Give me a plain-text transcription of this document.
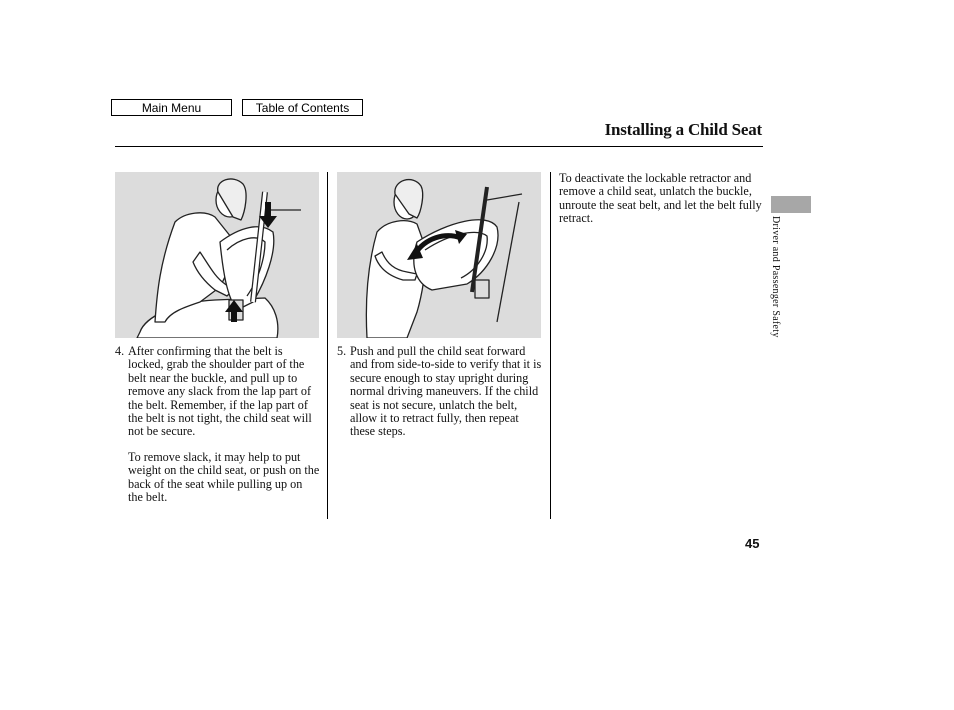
Main Menu	Table of Contents
Installing a Child Seat
4. After confirming that the belt is locked, grab the shoulder part of the belt near the buckle, and pull up to remove any slack from the lap part of the belt. Remember, if the lap part of the belt is not tight, the child seat will not be secure.
To remove slack, it may help to put weight on the child seat, or push on the back of the seat while pulling up on the belt.
5. Push and pull the child seat forward and from side-to-side to verify that it is secure enough to stay upright during normal driving maneuvers. If the child seat is not secure, unlatch the belt, allow it to retract fully, then repeat these steps.
To deactivate the lockable retractor and remove a child seat, unlatch the buckle, unroute the seat belt, and let the belt fully retract.	Driver and Passenger Safety
45
